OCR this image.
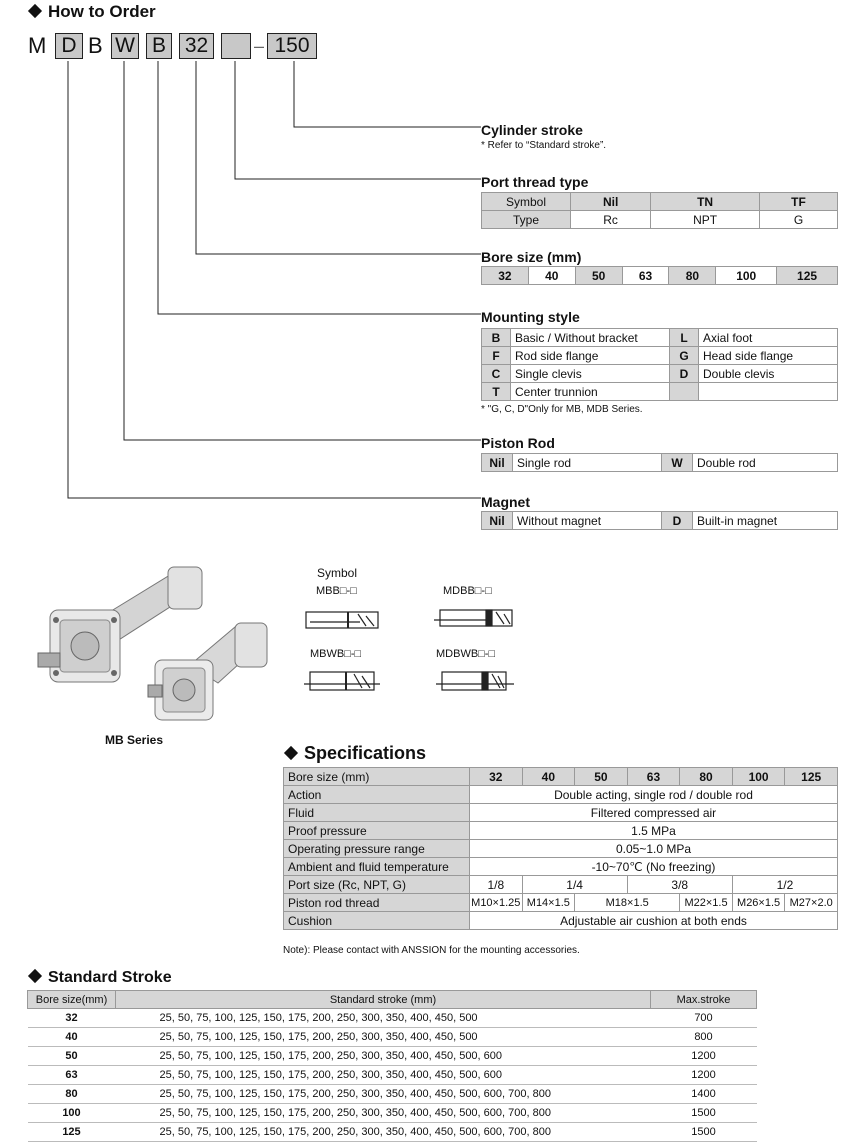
How to Order
M D B W B 32	– 150
Cylinder stroke
* Refer to “Standard stroke”.
Port thread type
Symbol	Nil	TN	TF
Type	Rc	NPT	G
Bore size (mm)
32	40	50	63	80	100	125
Mounting style
B	Basic / Without bracket	L	Axial foot
F	Rod side flange	G	Head side flange
C	Single clevis	D	Double clevis
T	Center trunnion		
* "G, C, D"Only for MB, MDB Series.
Piston Rod
Nil	Single rod	W	Double rod
Magnet
Nil	Without magnet	D	Built-in magnet
MB Series
Symbol
MBB□-□	MDBB□-□
MBWB□-□	MDBWB□-□
Specifications
Bore size (mm)	32	40	50	63	80	100	125
Action	Double acting, single rod / double rod						
Fluid	Filtered compressed air						
Proof pressure	1.5 MPa						
Operating pressure range	0.05~1.0 MPa						
Ambient and fluid temperature	-10~70℃ (No freezing)						
Port size (Rc, NPT, G)	1/8	1/4		3/8		1/2	
Piston rod thread	M10×1.25	M14×1.5	M18×1.5		M22×1.5	M26×1.5	M27×2.0
Cushion	Adjustable air cushion at both ends						
Note): Please contact with ANSSION for the mounting accessories.
Standard Stroke
Bore size(mm)	Standard stroke (mm)	Max.stroke
32	25, 50, 75, 100, 125, 150, 175, 200, 250, 300, 350, 400, 450, 500	700
40	25, 50, 75, 100, 125, 150, 175, 200, 250, 300, 350, 400, 450, 500	800
50	25, 50, 75, 100, 125, 150, 175, 200, 250, 300, 350, 400, 450, 500, 600	1200
63	25, 50, 75, 100, 125, 150, 175, 200, 250, 300, 350, 400, 450, 500, 600	1200
80	25, 50, 75, 100, 125, 150, 175, 200, 250, 300, 350, 400, 450, 500, 600, 700, 800	1400
100	25, 50, 75, 100, 125, 150, 175, 200, 250, 300, 350, 400, 450, 500, 600, 700, 800	1500
125	25, 50, 75, 100, 125, 150, 175, 200, 250, 300, 350, 400, 450, 500, 600, 700, 800	1500
